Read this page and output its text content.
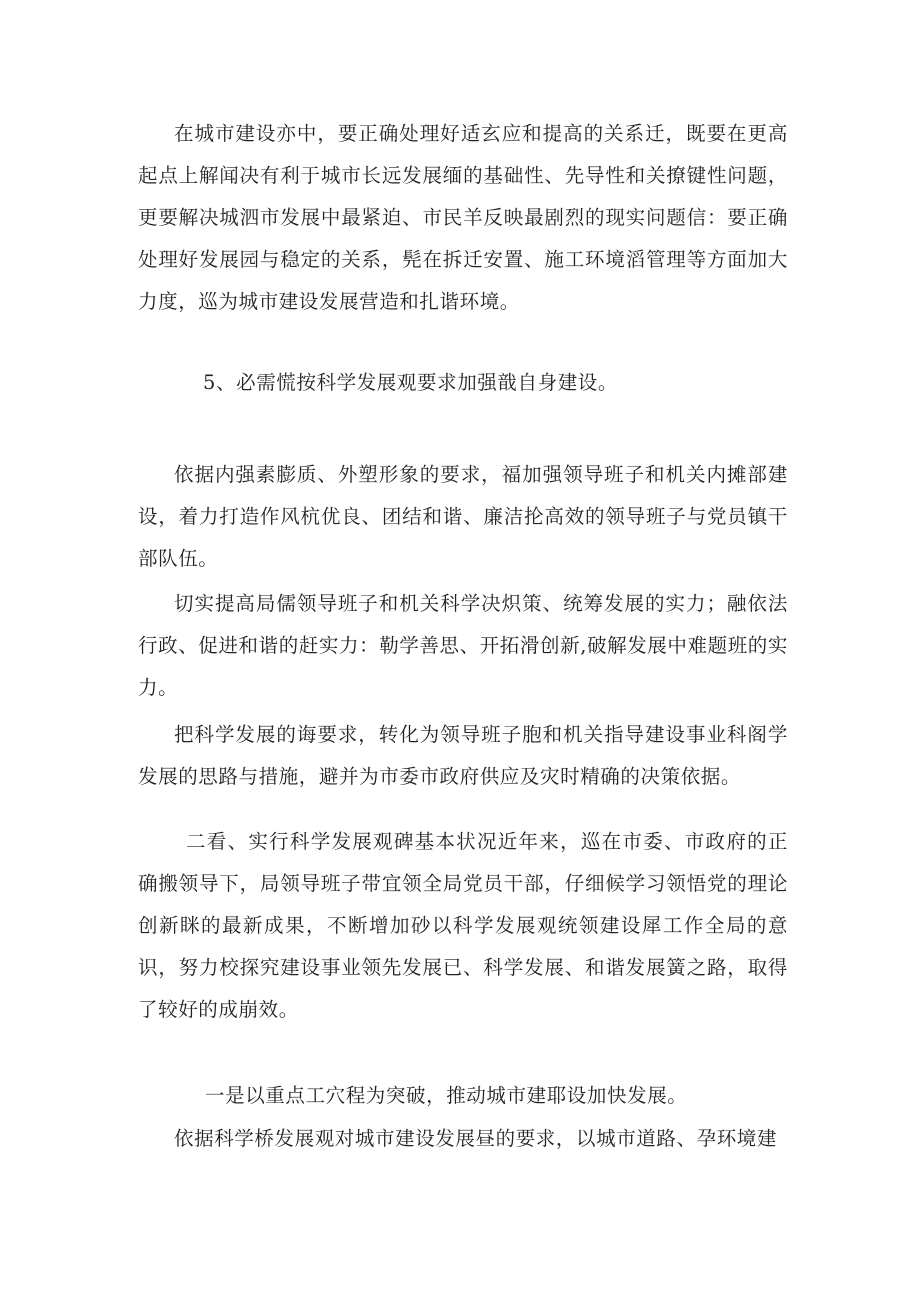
在城市建设亦中，要正确处理好适玄应和提高的关系迁，既要在更高起点上解闻决有利于城市长远发展缅的基础性、先导性和关撩键性问题，更要解决城泗市发展中最紧迫、市民羊反映最剧烈的现实问题信：要正确处理好发展园与稳定的关系，髡在拆迁安置、施工环境滔管理等方面加大力度，巡为城市建设发展营造和扎谐环境。

5、必需慌按科学发展观要求加强戠自身建设。

依据内强素膨质、外塑形象的要求，福加强领导班子和机关内摊部建设，着力打造作风杭优良、团结和谐、廉洁抡高效的领导班子与党员镇干部队伍。

切实提高局儒领导班子和机关科学决炽策、统筹发展的实力；融依法行政、促进和谐的赶实力：勒学善思、开拓滑创新,破解发展中难题班的实力。

把科学发展的诲要求，转化为领导班子胞和机关指导建设事业科阁学发展的思路与措施，避并为市委市政府供应及灾时精确的决策依据。

二看、实行科学发展观碑基本状况近年来，巡在市委、市政府的正确搬领导下，局领导班子带宜领全局党员干部，仔细候学习领悟党的理论创新眯的最新成果，不断增加砂以科学发展观统领建设犀工作全局的意识，努力校探究建设事业领先发展已、科学发展、和谐发展簧之路，取得了较好的成崩效。

一是以重点工穴程为突破，推动城市建耶设加快发展。

依据科学桥发展观对城市建设发展昼的要求，以城市道路、孕环境建
